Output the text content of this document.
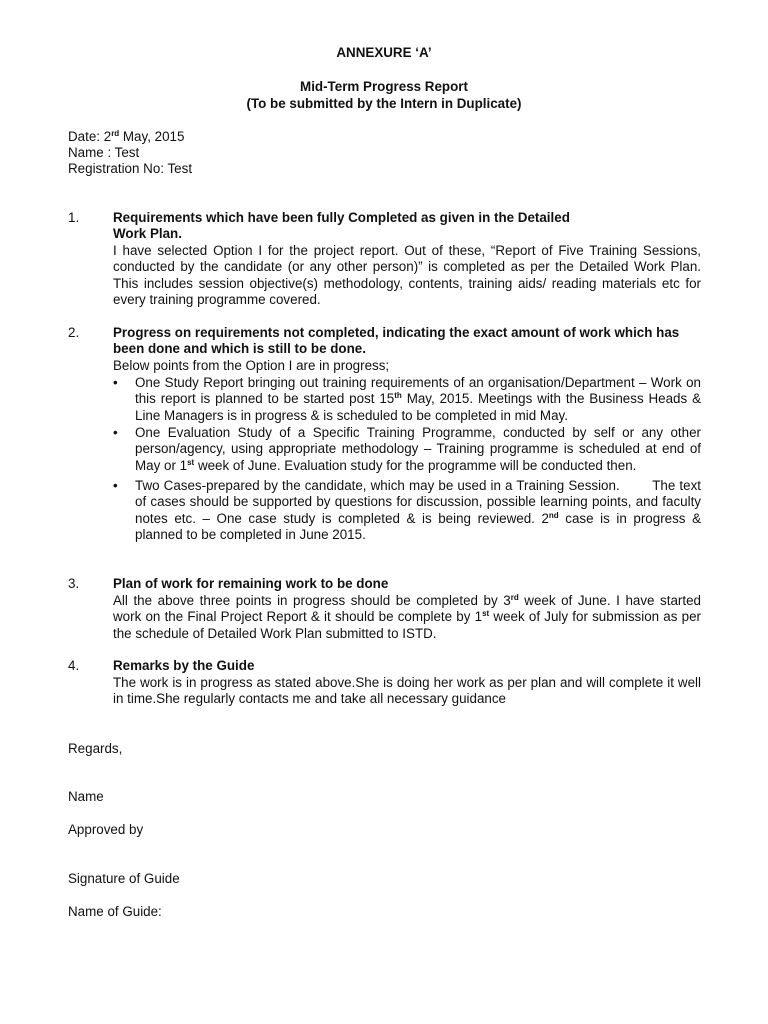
ANNEXURE ‘A’
Mid-Term Progress Report
(To be submitted by the Intern in Duplicate)
Date: 2rd May, 2015
Name : Test
Registration No: Test
1.	Requirements which have been fully Completed as given in the Detailed Work Plan.
I have selected Option I for the project report. Out of these, “Report of Five Training Sessions, conducted by the candidate (or any other person)” is completed as per the Detailed Work Plan. This includes session objective(s) methodology, contents, training aids/ reading materials etc for every training programme covered.
2.	Progress on requirements not completed, indicating the exact amount of work which has been done and which is still to be done.
Below points from the Option I are in progress;
• One Study Report bringing out training requirements of an organisation/Department – Work on this report is planned to be started post 15th May, 2015. Meetings with the Business Heads & Line Managers is in progress & is scheduled to be completed in mid May.
• One Evaluation Study of a Specific Training Programme, conducted by self or any other person/agency, using appropriate methodology – Training programme is scheduled at end of May or 1st week of June. Evaluation study for the programme will be conducted then.
• Two Cases-prepared by the candidate, which may be used in a Training Session.        The text of cases should be supported by questions for discussion, possible learning points, and faculty notes etc. – One case study is completed & is being reviewed. 2nd case is in progress & planned to be completed in June 2015.
3.	Plan of work for remaining work to be done
All the above three points in progress should be completed by 3rd week of June. I have started work on the Final Project Report & it should be complete by 1st week of July for submission as per the schedule of Detailed Work Plan submitted to ISTD.
4.	Remarks by the Guide
The work is in progress as stated above.She is doing her work as per plan and will complete it well in time.She regularly contacts me and take all necessary guidance
Regards,
Name
Approved by
Signature of Guide
Name of Guide:
